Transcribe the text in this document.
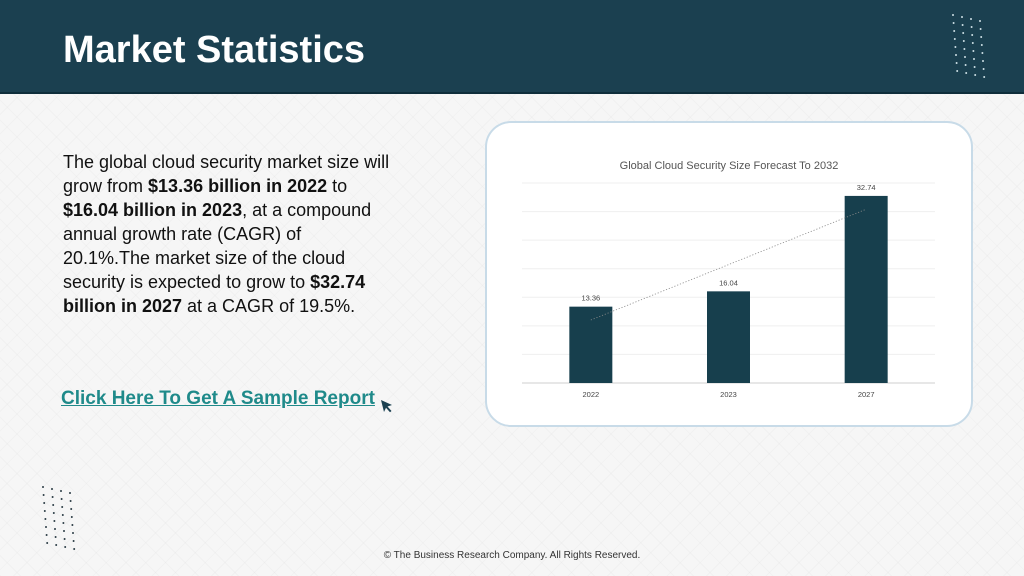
Market Statistics

The global cloud security market size will grow from $13.36 billion in 2022 to $16.04 billion in 2023, at a compound annual growth rate (CAGR) of 20.1%.The market size of the cloud security is expected to grow to $32.74 billion in 2027 at a CAGR of 19.5%.

Click Here To Get A Sample Report
Global Cloud Security Size Forecast To 2032
13.36
2022
16.04
2023
32.74
2027
© The Business Research Company. All Rights Reserved.
